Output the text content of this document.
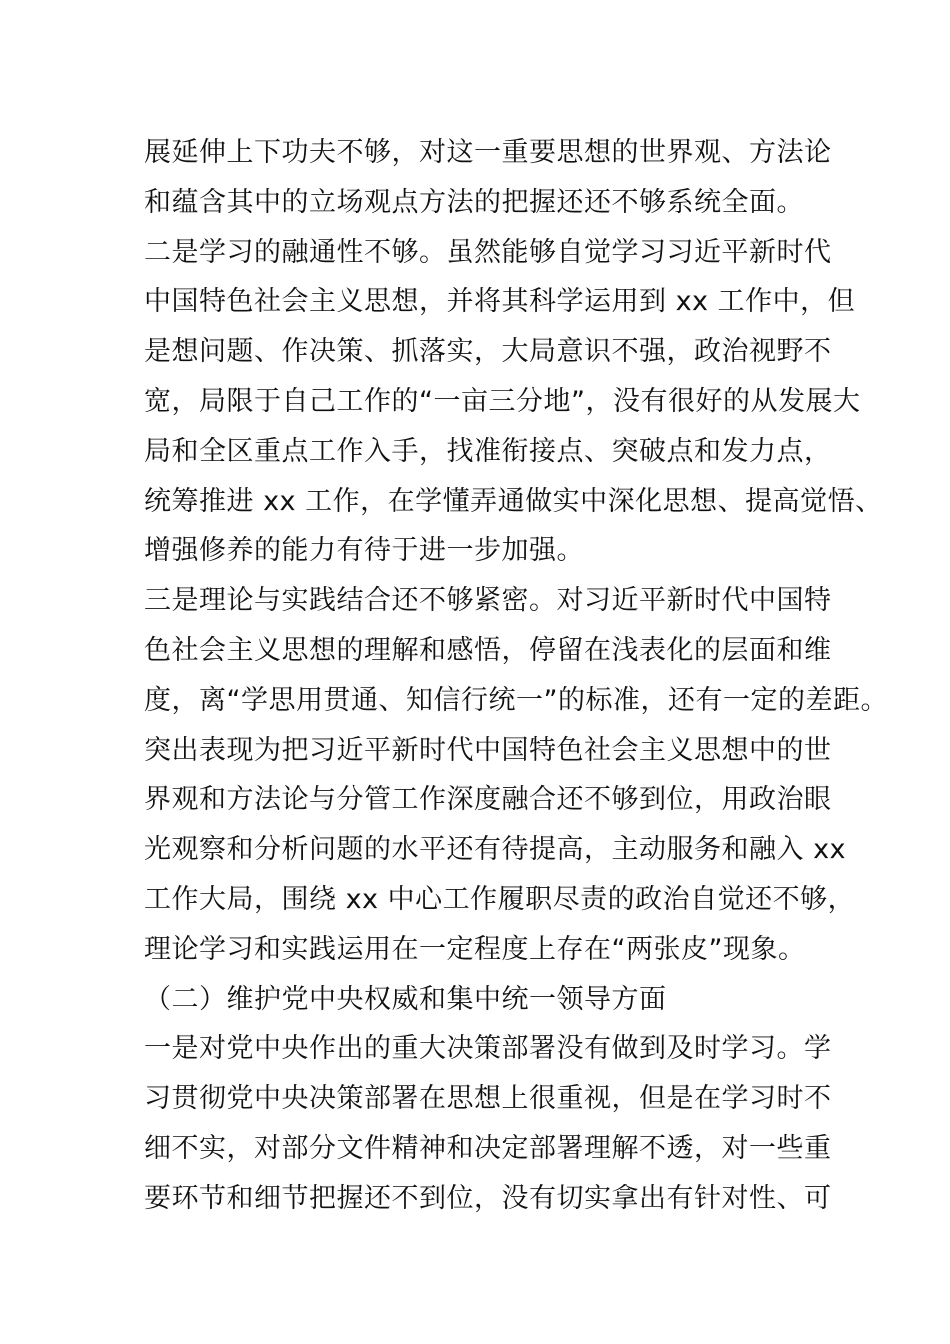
展延伸上下功夫不够，对这一重要思想的世界观、方法论
和蕴含其中的立场观点方法的把握还还不够系统全面。
二是学习的融通性不够。虽然能够自觉学习习近平新时代
中国特色社会主义思想，并将其科学运用到 xx 工作中，但
是想问题、作决策、抓落实，大局意识不强，政治视野不
宽，局限于自己工作的“一亩三分地”，没有很好的从发展大
局和全区重点工作入手，找准衔接点、突破点和发力点，
统筹推进 xx 工作，在学懂弄通做实中深化思想、提高觉悟、
增强修养的能力有待于进一步加强。
三是理论与实践结合还不够紧密。对习近平新时代中国特
色社会主义思想的理解和感悟，停留在浅表化的层面和维
度，离“学思用贯通、知信行统一”的标准，还有一定的差距。
突出表现为把习近平新时代中国特色社会主义思想中的世
界观和方法论与分管工作深度融合还不够到位，用政治眼
光观察和分析问题的水平还有待提高，主动服务和融入 xx
工作大局，围绕 xx 中心工作履职尽责的政治自觉还不够，
理论学习和实践运用在一定程度上存在“两张皮”现象。
（二）维护党中央权威和集中统一领导方面
一是对党中央作出的重大决策部署没有做到及时学习。学
习贯彻党中央决策部署在思想上很重视，但是在学习时不
细不实，对部分文件精神和决定部署理解不透，对一些重
要环节和细节把握还不到位，没有切实拿出有针对性、可
